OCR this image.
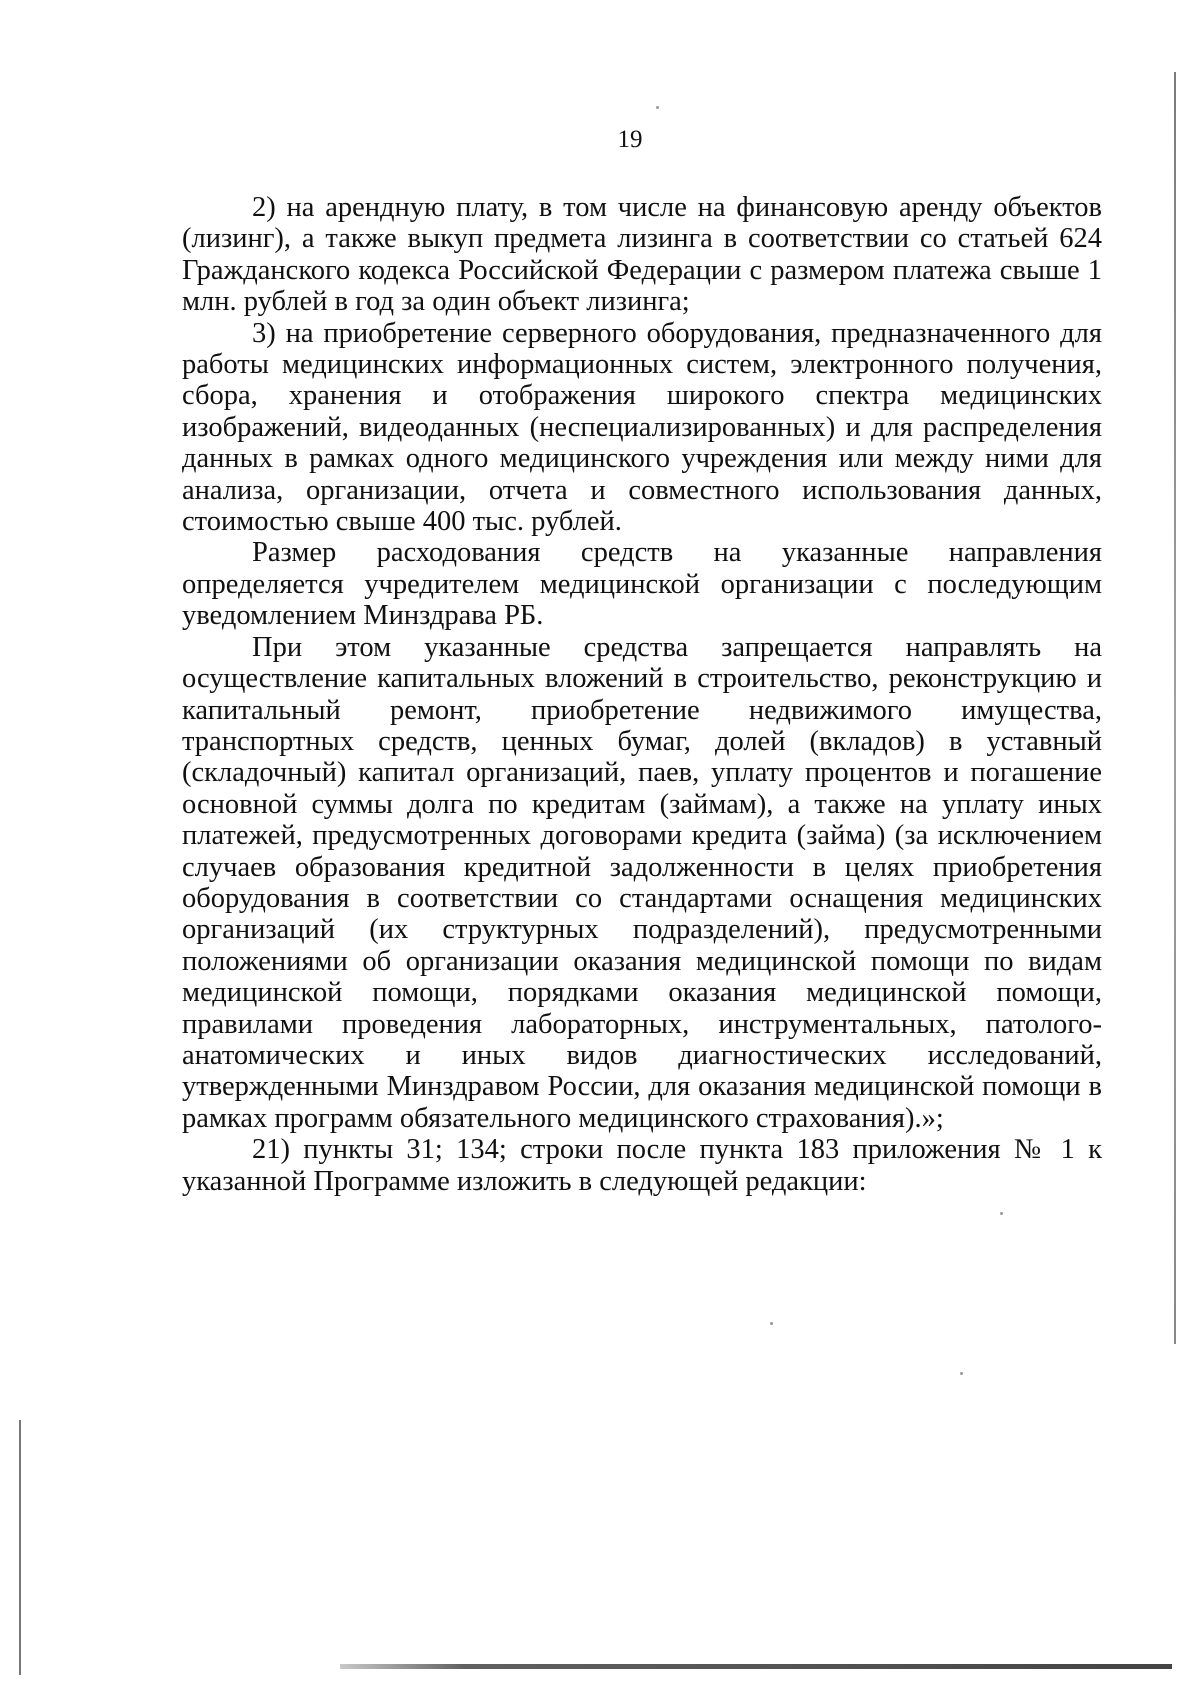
19

2) на арендную плату, в том числе на финансовую аренду объектов (лизинг), а также выкуп предмета лизинга в соответствии со статьей 624 Гражданского кодекса Российской Федерации с размером платежа свыше 1 млн. рублей в год за один объект лизинга;

3) на приобретение серверного оборудования, предназначенного для работы медицинских информационных систем, электронного получения, сбора, хранения и отображения широкого спектра медицинских изображений, видеоданных (неспециализированных) и для распределения данных в рамках одного медицинского учреждения или между ними для анализа, организации, отчета и совместного использования данных, стоимостью свыше 400 тыс. рублей.

Размер расходования средств на указанные направления определяется учредителем медицинской организации с последующим уведомлением Минздрава РБ.

При этом указанные средства запрещается направлять на осуществление капитальных вложений в строительство, реконструкцию и капитальный ремонт, приобретение недвижимого имущества, транспортных средств, ценных бумаг, долей (вкладов) в уставный (складочный) капитал организаций, паев, уплату процентов и погашение основной суммы долга по кредитам (займам), а также на уплату иных платежей, предусмотренных договорами кредита (займа) (за исключением случаев образования кредитной задолженности в целях приобретения оборудования в соответствии со стандартами оснащения медицинских организаций (их структурных подразделений), предусмотренными положениями об организации оказания медицинской помощи по видам медицинской помощи, порядками оказания медицинской помощи, правилами проведения лабораторных, инструментальных, патолого-анатомических и иных видов диагностических исследований, утвержденными Минздравом России, для оказания медицинской помощи в рамках программ обязательного медицинского страхования).»;

21) пункты 31; 134; строки после пункта 183 приложения № 1 к указанной Программе изложить в следующей редакции:
